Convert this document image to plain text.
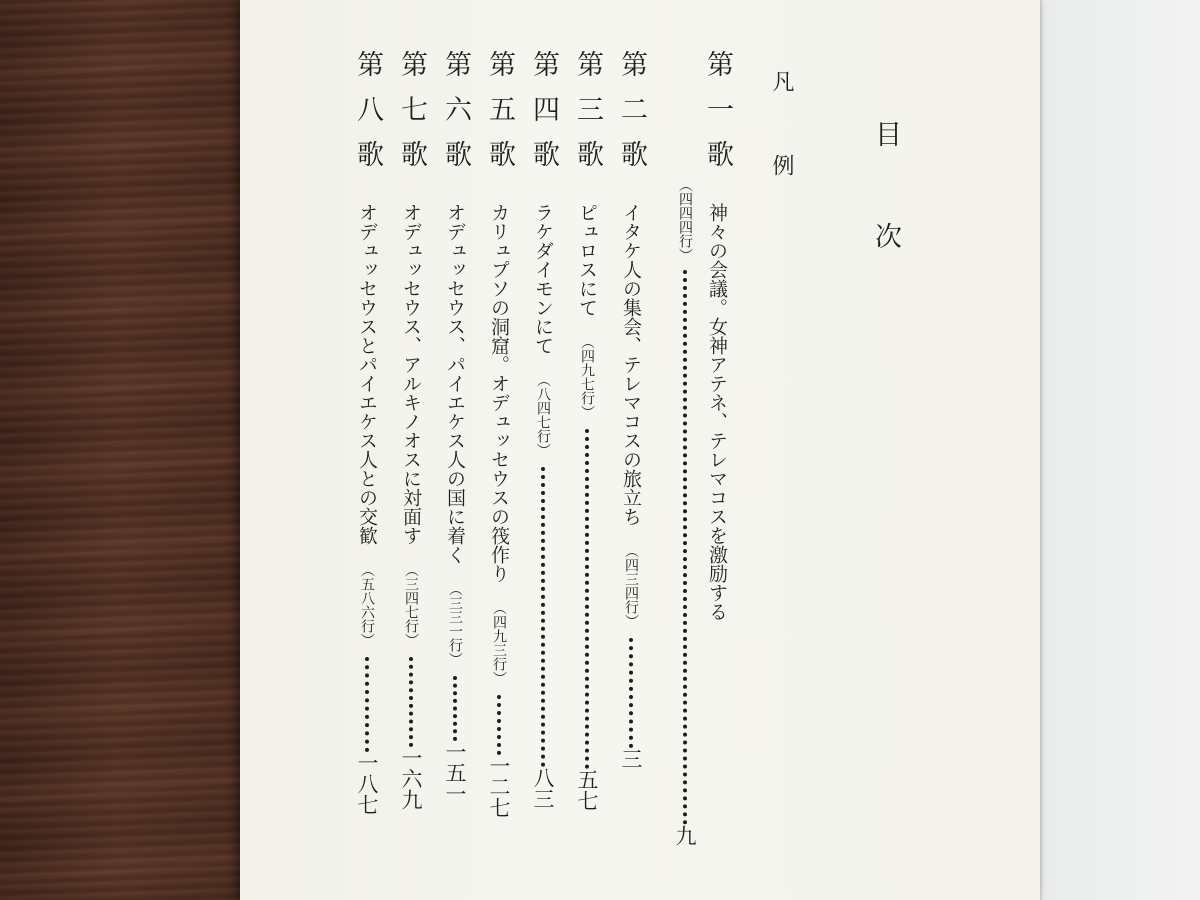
目　次
凡　例
第一歌神々の会議。女神アテネ、テレマコスを激励する
（四四四行）九
第二歌イタケ人の集会、テレマコスの旅立ち（四三四行）三
第三歌ピュロスにて（四九七行）五七
第四歌ラケダイモンにて（八四七行）八三
第五歌カリュプソの洞窟。オデュッセウスの筏作り（四九三行）一二七
第六歌オデュッセウス、パイエケス人の国に着く（三三一行）一五一
第七歌オデュッセウス、アルキノオスに対面す（三四七行）一六九
第八歌オデュッセウスとパイエケス人との交歓（五八六行）一八七
